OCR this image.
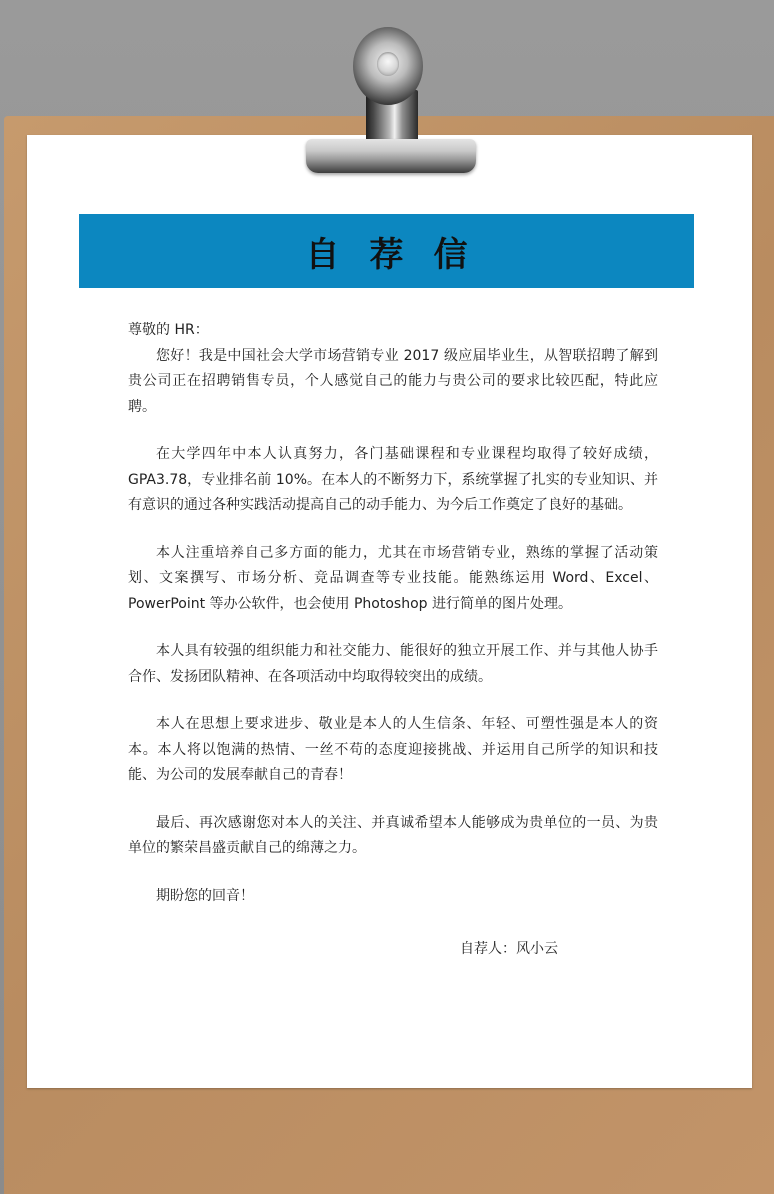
自荐信

尊敬的 HR：

您好！我是中国社会大学市场营销专业 2017 级应届毕业生，从智联招聘了解到贵公司正在招聘销售专员，个人感觉自己的能力与贵公司的要求比较匹配，特此应聘。

在大学四年中本人认真努力，各门基础课程和专业课程均取得了较好成绩，GPA3.78，专业排名前 10%。在本人的不断努力下，系统掌握了扎实的专业知识、并有意识的通过各种实践活动提高自己的动手能力、为今后工作奠定了良好的基础。

本人注重培养自己多方面的能力，尤其在市场营销专业，熟练的掌握了活动策划、文案撰写、市场分析、竞品调查等专业技能。能熟练运用 Word、Excel、PowerPoint 等办公软件，也会使用 Photoshop 进行简单的图片处理。

本人具有较强的组织能力和社交能力、能很好的独立开展工作、并与其他人协手合作、发扬团队精神、在各项活动中均取得较突出的成绩。

本人在思想上要求进步、敬业是本人的人生信条、年轻、可塑性强是本人的资本。本人将以饱满的热情、一丝不苟的态度迎接挑战、并运用自己所学的知识和技能、为公司的发展奉献自己的青春！

最后、再次感谢您对本人的关注、并真诚希望本人能够成为贵单位的一员、为贵单位的繁荣昌盛贡献自己的绵薄之力。

期盼您的回音！

自荐人：风小云
